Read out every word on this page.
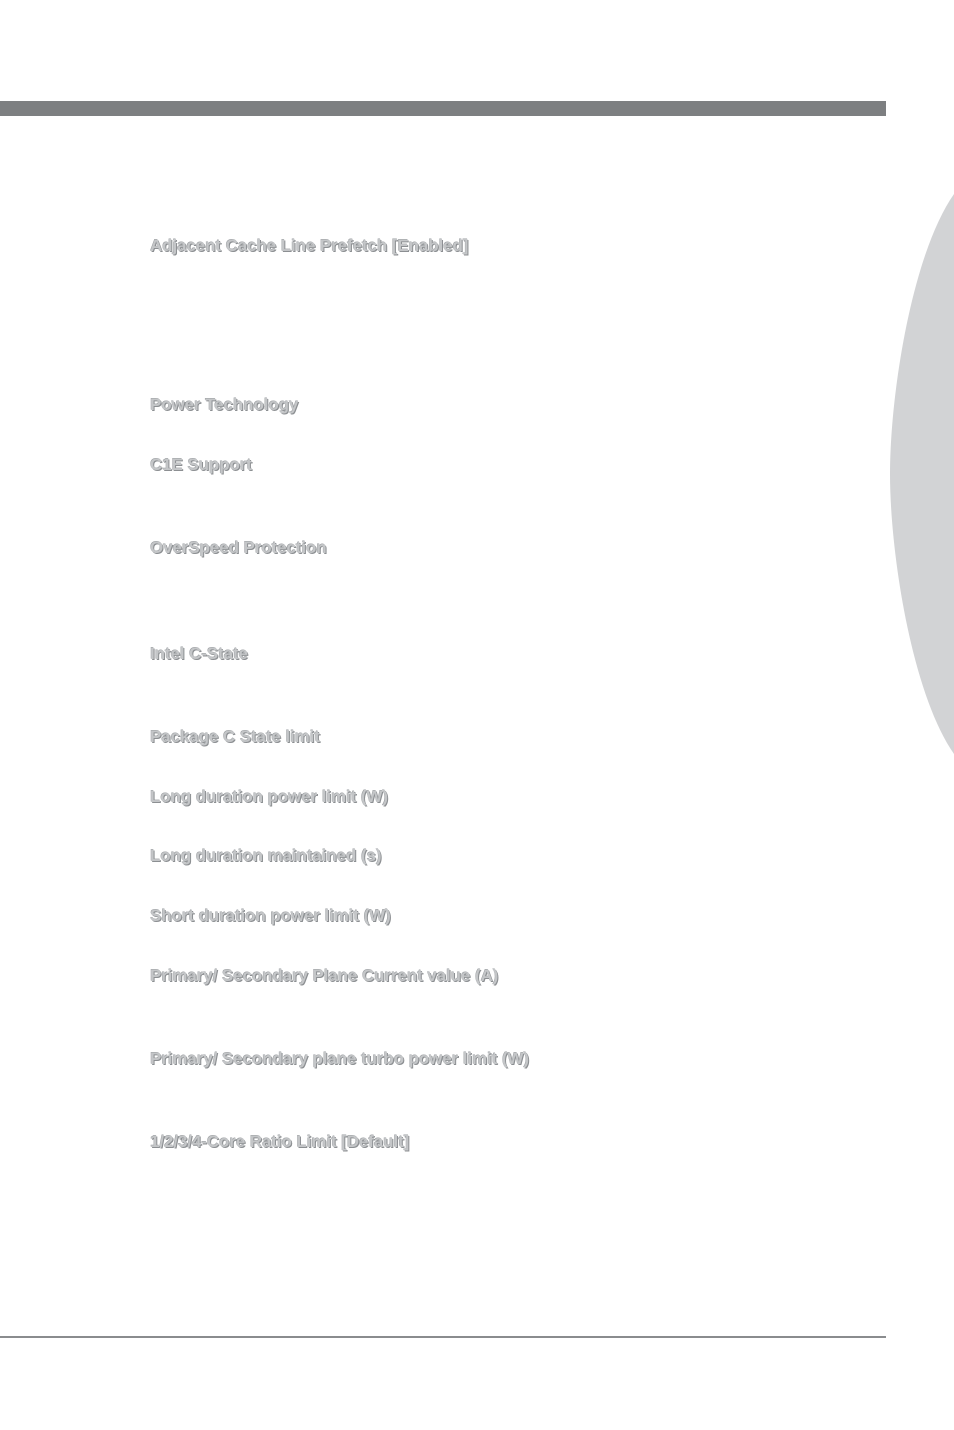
Adjacent Cache Line Prefetch [Enabled]

Power Technology

C1E Support

OverSpeed Protection

Intel C-State

Package C State limit

Long duration power limit (W)

Long duration maintained (s)

Short duration power limit (W)

Primary/ Secondary Plane Current value (A)

Primary/ Secondary plane turbo power limit (W)

1/2/3/4-Core Ratio Limit [Default]
